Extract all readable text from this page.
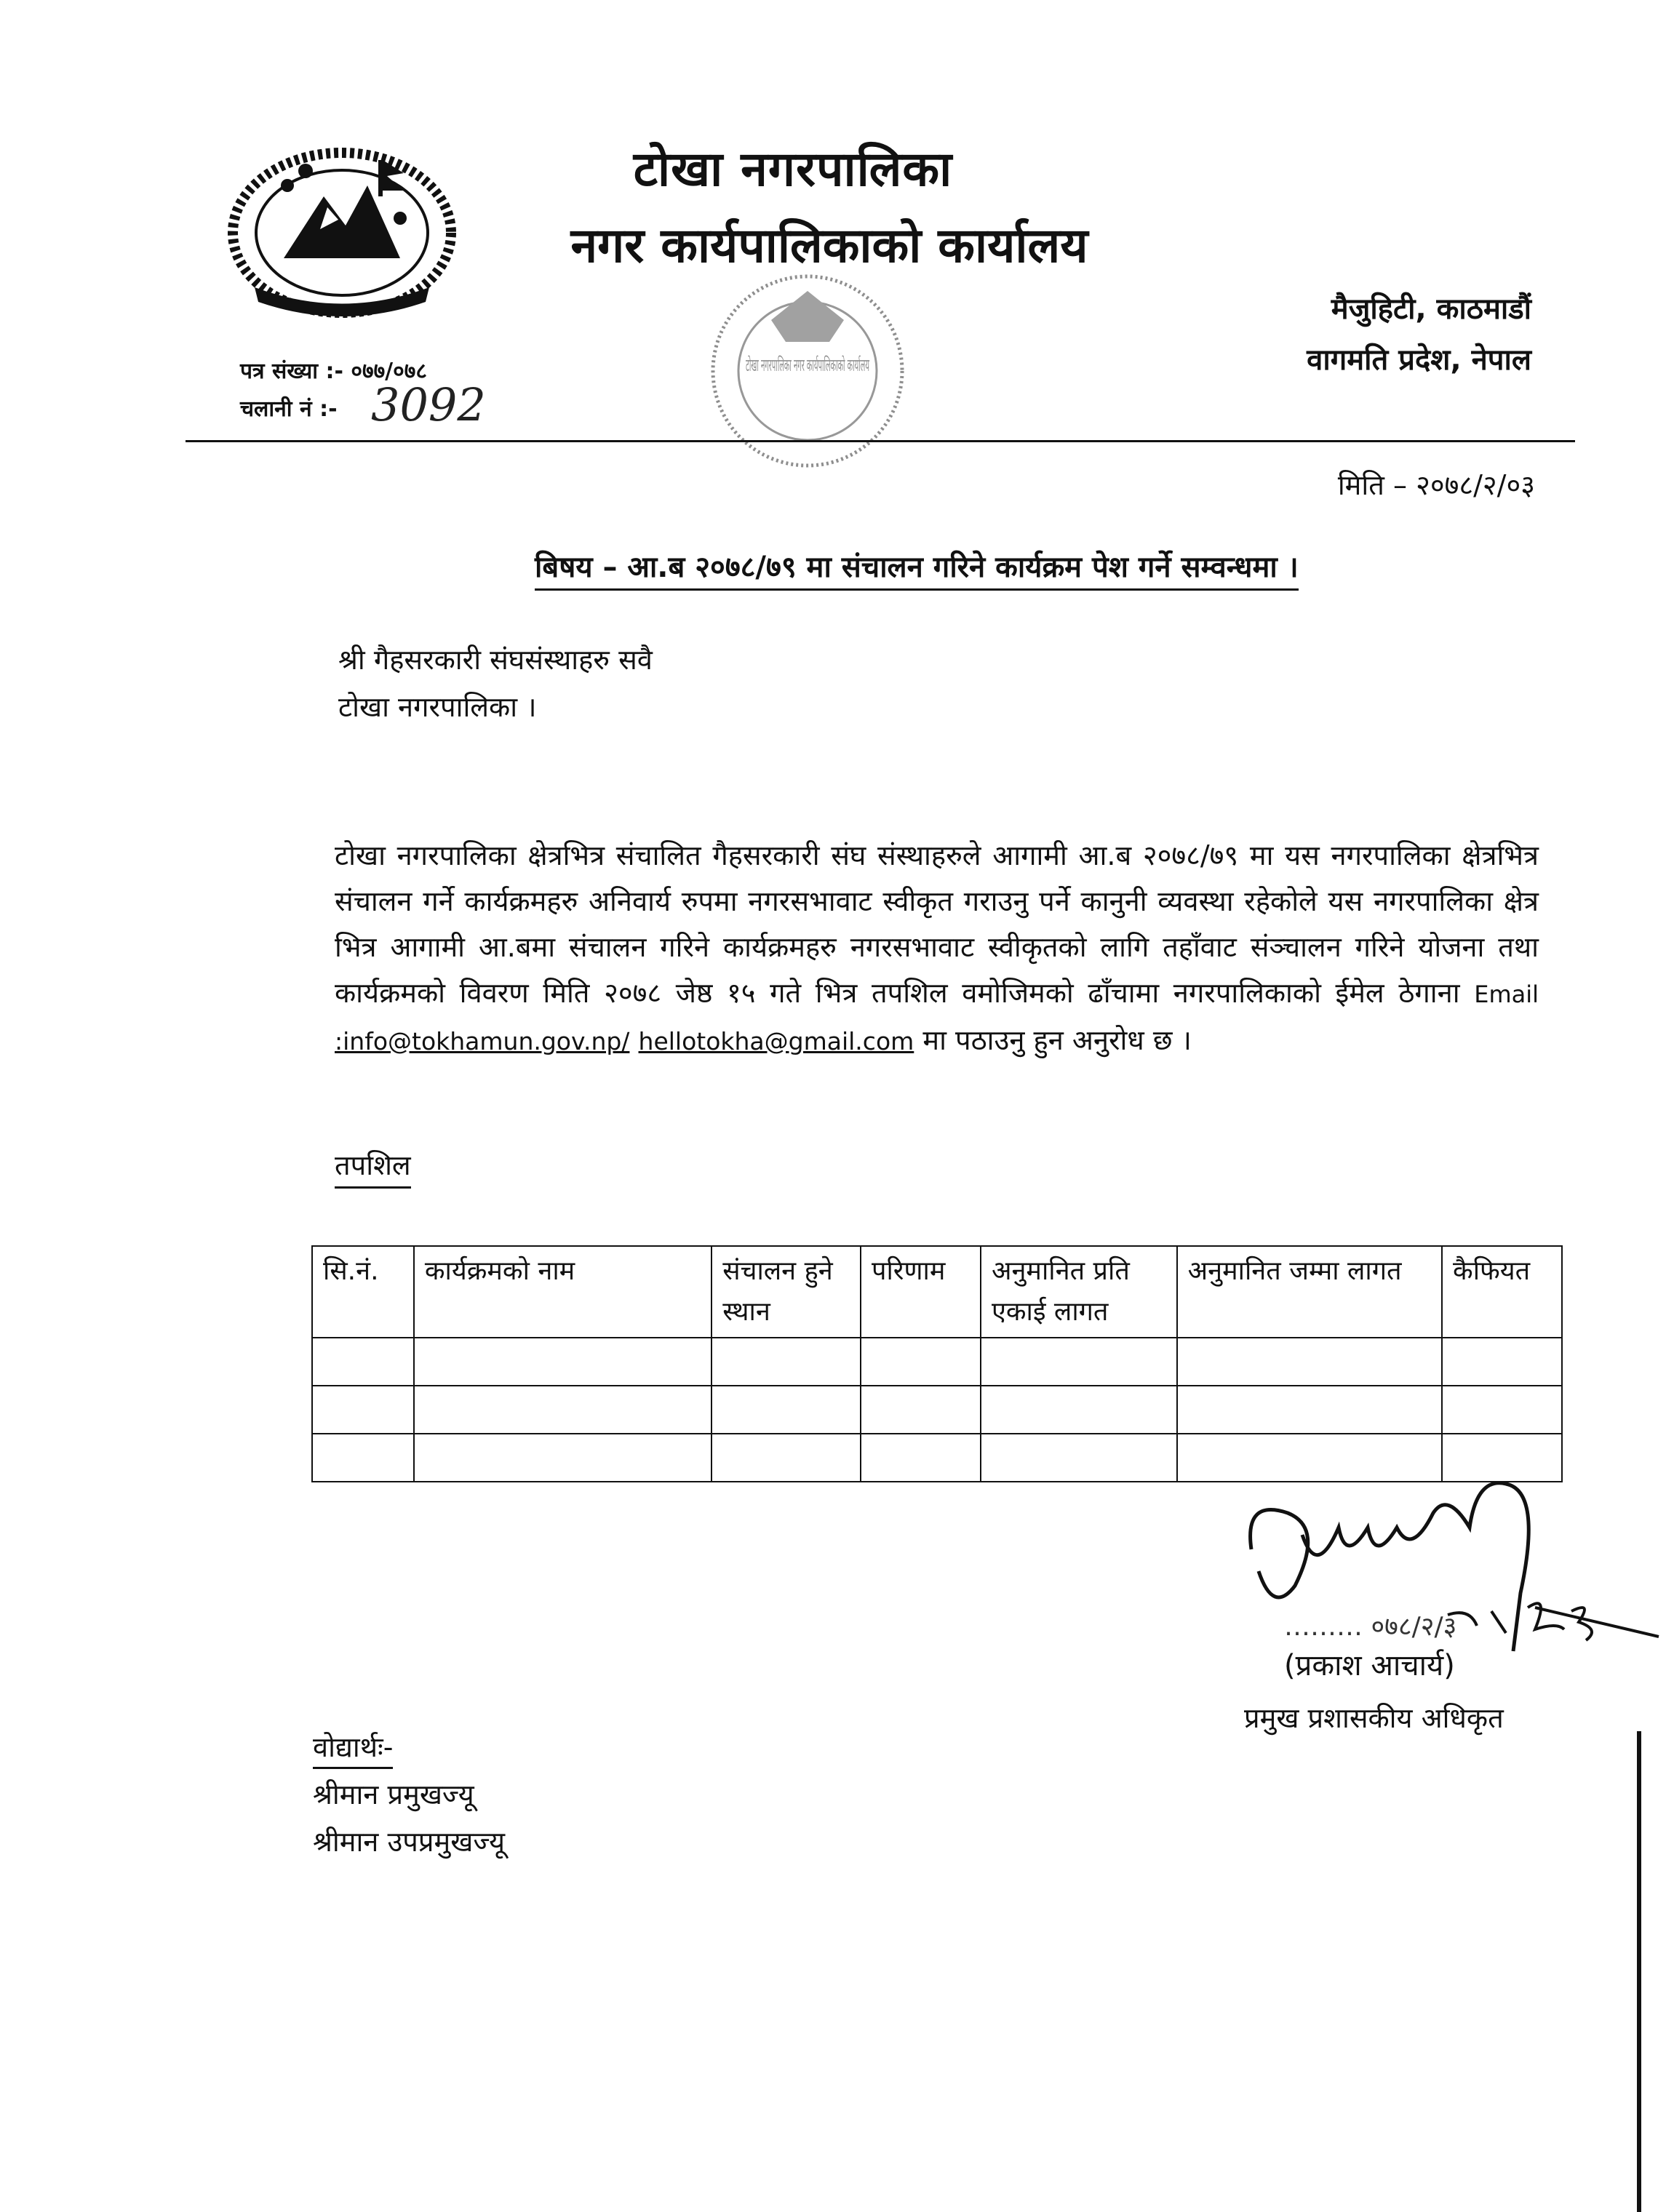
टोखा नगरपालिका
नगर कार्यपालिकाको कार्यालय
टोखा नगरपालिका नगर कार्यपालिकाको कार्यालय
मैजुहिटी, काठमाडौं
वागमति प्रदेश, नेपाल
पत्र संख्या :- ०७७/०७८
चलानी नं :- 3092
मिति – २०७८/२/०३
बिषय – आ.ब २०७८/७९ मा संचालन गरिने कार्यक्रम पेश गर्ने सम्वन्धमा ।
श्री गैहसरकारी संघसंस्थाहरु सवै
टोखा नगरपालिका ।
टोखा नगरपालिका क्षेत्रभित्र संचालित गैहसरकारी संघ संस्थाहरुले आगामी आ.ब २०७८/७९ मा यस नगरपालिका क्षेत्रभित्र संचालन गर्ने कार्यक्रमहरु अनिवार्य रुपमा नगरसभावाट स्वीकृत गराउनु पर्ने कानुनी व्यवस्था रहेकोले यस नगरपालिका क्षेत्र भित्र आगामी आ.बमा संचालन गरिने कार्यक्रमहरु नगरसभावाट स्वीकृतको लागि तहाँवाट संञ्चालन गरिने योजना तथा कार्यक्रमको विवरण मिति २०७८ जेष्ठ १५ गते भित्र तपशिल वमोजिमको ढाँचामा नगरपालिकाको ईमेल ठेगाना Email :info@tokhamun.gov.np/ hellotokha@gmail.com मा पठाउनु हुन अनुरोध छ ।
तपशिल
सि.नं.	कार्यक्रमको नाम	संचालन हुने स्थान	परिणाम	अनुमानित प्रति एकाई लागत	अनुमानित जम्मा लागत	कैफियत

……… ०७८/२/३
(प्रकाश आचार्य)
प्रमुख प्रशासकीय अधिकृत
वोद्यार्थः-
श्रीमान प्रमुखज्यू
श्रीमान उपप्रमुखज्यू
